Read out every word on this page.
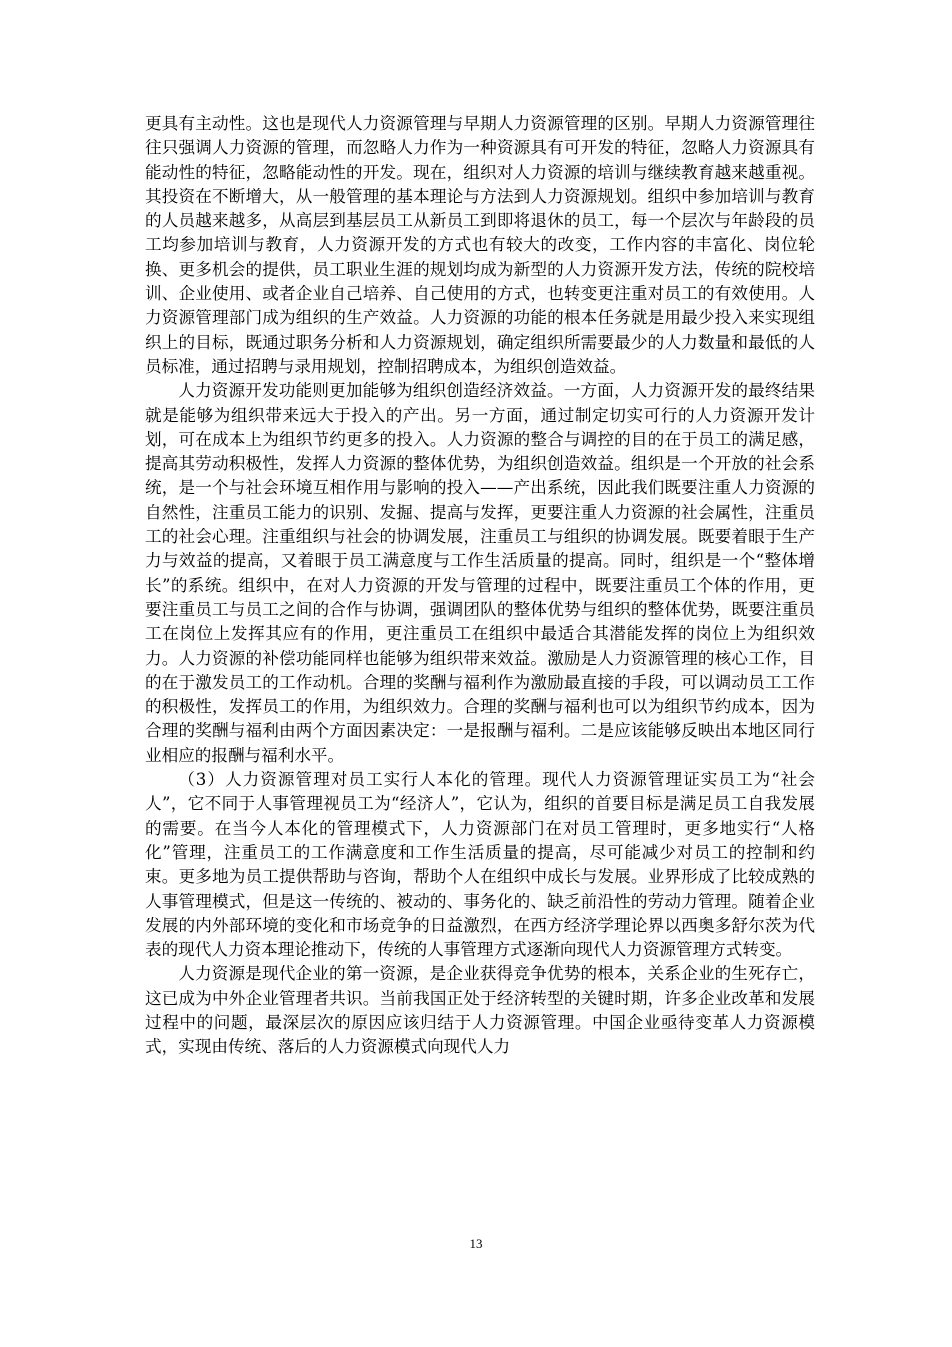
更具有主动性。这也是现代人力资源管理与早期人力资源管理的区别。早期人力资源管理往往只强调人力资源的管理，而忽略人力作为一种资源具有可开发的特征，忽略人力资源具有能动性的特征，忽略能动性的开发。现在，组织对人力资源的培训与继续教育越来越重视。其投资在不断增大，从一般管理的基本理论与方法到人力资源规划。组织中参加培训与教育的人员越来越多，从高层到基层员工从新员工到即将退休的员工，每一个层次与年龄段的员工均参加培训与教育，人力资源开发的方式也有较大的改变，工作内容的丰富化、岗位轮换、更多机会的提供，员工职业生涯的规划均成为新型的人力资源开发方法，传统的院校培训、企业使用、或者企业自己培养、自己使用的方式，也转变更注重对员工的有效使用。人力资源管理部门成为组织的生产效益。人力资源的功能的根本任务就是用最少投入来实现组织上的目标，既通过职务分析和人力资源规划，确定组织所需要最少的人力数量和最低的人员标准，通过招聘与录用规划，控制招聘成本，为组织创造效益。

人力资源开发功能则更加能够为组织创造经济效益。一方面，人力资源开发的最终结果就是能够为组织带来远大于投入的产出。另一方面，通过制定切实可行的人力资源开发计划，可在成本上为组织节约更多的投入。人力资源的整合与调控的目的在于员工的满足感，提高其劳动积极性，发挥人力资源的整体优势，为组织创造效益。组织是一个开放的社会系统，是一个与社会环境互相作用与影响的投入——产出系统，因此我们既要注重人力资源的自然性，注重员工能力的识别、发掘、提高与发挥，更要注重人力资源的社会属性，注重员工的社会心理。注重组织与社会的协调发展，注重员工与组织的协调发展。既要着眼于生产力与效益的提高，又着眼于员工满意度与工作生活质量的提高。同时，组织是一个“整体增长”的系统。组织中，在对人力资源的开发与管理的过程中，既要注重员工个体的作用，更要注重员工与员工之间的合作与协调，强调团队的整体优势与组织的整体优势，既要注重员工在岗位上发挥其应有的作用，更注重员工在组织中最适合其潜能发挥的岗位上为组织效力。人力资源的补偿功能同样也能够为组织带来效益。激励是人力资源管理的核心工作，目的在于激发员工的工作动机。合理的奖酬与福利作为激励最直接的手段，可以调动员工工作的积极性，发挥员工的作用，为组织效力。合理的奖酬与福利也可以为组织节约成本，因为合理的奖酬与福利由两个方面因素决定：一是报酬与福利。二是应该能够反映出本地区同行业相应的报酬与福利水平。

（3）人力资源管理对员工实行人本化的管理。现代人力资源管理证实员工为“社会人”，它不同于人事管理视员工为“经济人”，它认为，组织的首要目标是满足员工自我发展的需要。在当今人本化的管理模式下，人力资源部门在对员工管理时，更多地实行“人格化”管理，注重员工的工作满意度和工作生活质量的提高，尽可能减少对员工的控制和约束。更多地为员工提供帮助与咨询，帮助个人在组织中成长与发展。业界形成了比较成熟的人事管理模式，但是这一传统的、被动的、事务化的、缺乏前沿性的劳动力管理。随着企业发展的内外部环境的变化和市场竞争的日益激烈，在西方经济学理论界以西奥多舒尔茨为代表的现代人力资本理论推动下，传统的人事管理方式逐渐向现代人力资源管理方式转变。

人力资源是现代企业的第一资源，是企业获得竞争优势的根本，关系企业的生死存亡，这已成为中外企业管理者共识。当前我国正处于经济转型的关键时期，许多企业改革和发展过程中的问题，最深层次的原因应该归结于人力资源管理。中国企业亟待变革人力资源模式，实现由传统、落后的人力资源模式向现代人力

13
